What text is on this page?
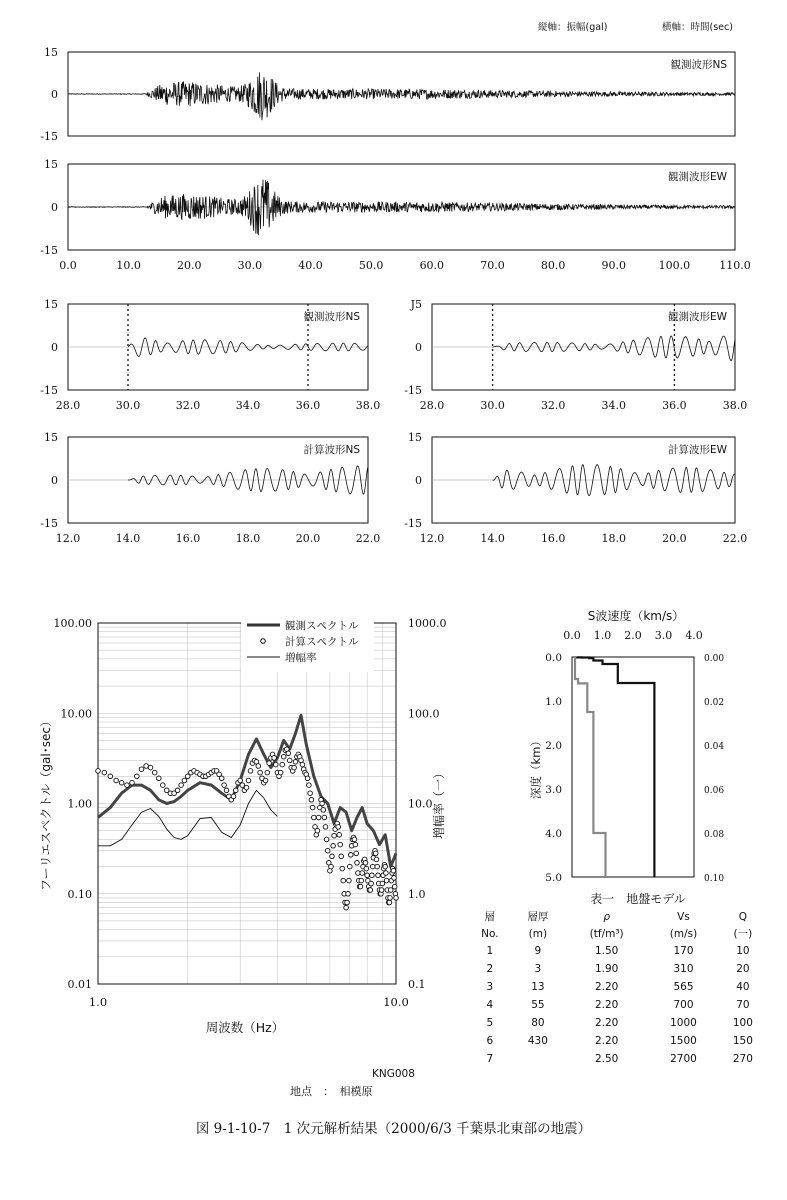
縦軸：振幅(gal)	横軸：時間(sec)
15
0
-15
観測波形NS
15
0
-15
0.0	10.0	20.0	30.0	40.0	50.0	60.0	70.0	80.0	90.0	100.0	110.0
観測波形EW
15
0
-15
28.0	30.0	32.0	34.0	36.0	38.0
観測波形NS
J5
0
-15
28.0	30.0	32.0	34.0	36.0	38.0
観測波形EW
15
0
-15
12.0	14.0	16.0	18.0	20.0	22.0
計算波形NS
15
0
-15
12.0	14.0	16.0	18.0	20.0	22.0
計算波形EW
0.01
0.10
1.00
10.00
100.00
0.1
1.0
10.0
100.0
1000.0
1.0	10.0
周波数（Hz）
フーリエスペクトル（gal･sec）	増幅率（一）
観測スペクトル
計算スペクトル
増幅率
KNG008
地点　：　相模原
S波速度（km/s）
深度（km）
0.0 1.0 2.0 3.0 4.0
0.0
1.0
2.0
3.0
4.0
5.0
0.00
0.02
0.04
0.06
0.08
0.10
表一　地盤モデル
層	層厚	ρ	Vs	Q
No.	(m)	(tf/m³)	(m/s)	(一)
1	9	1.50	170	10
2	3	1.90	310	20
3	13	2.20	565	40
4	55	2.20	700	70
5	80	2.20	1000	100
6	430	2.20	1500	150
7		2.50	2700	270
図 9-1-10-7　1 次元解析結果（2000/6/3 千葉県北東部の地震）
